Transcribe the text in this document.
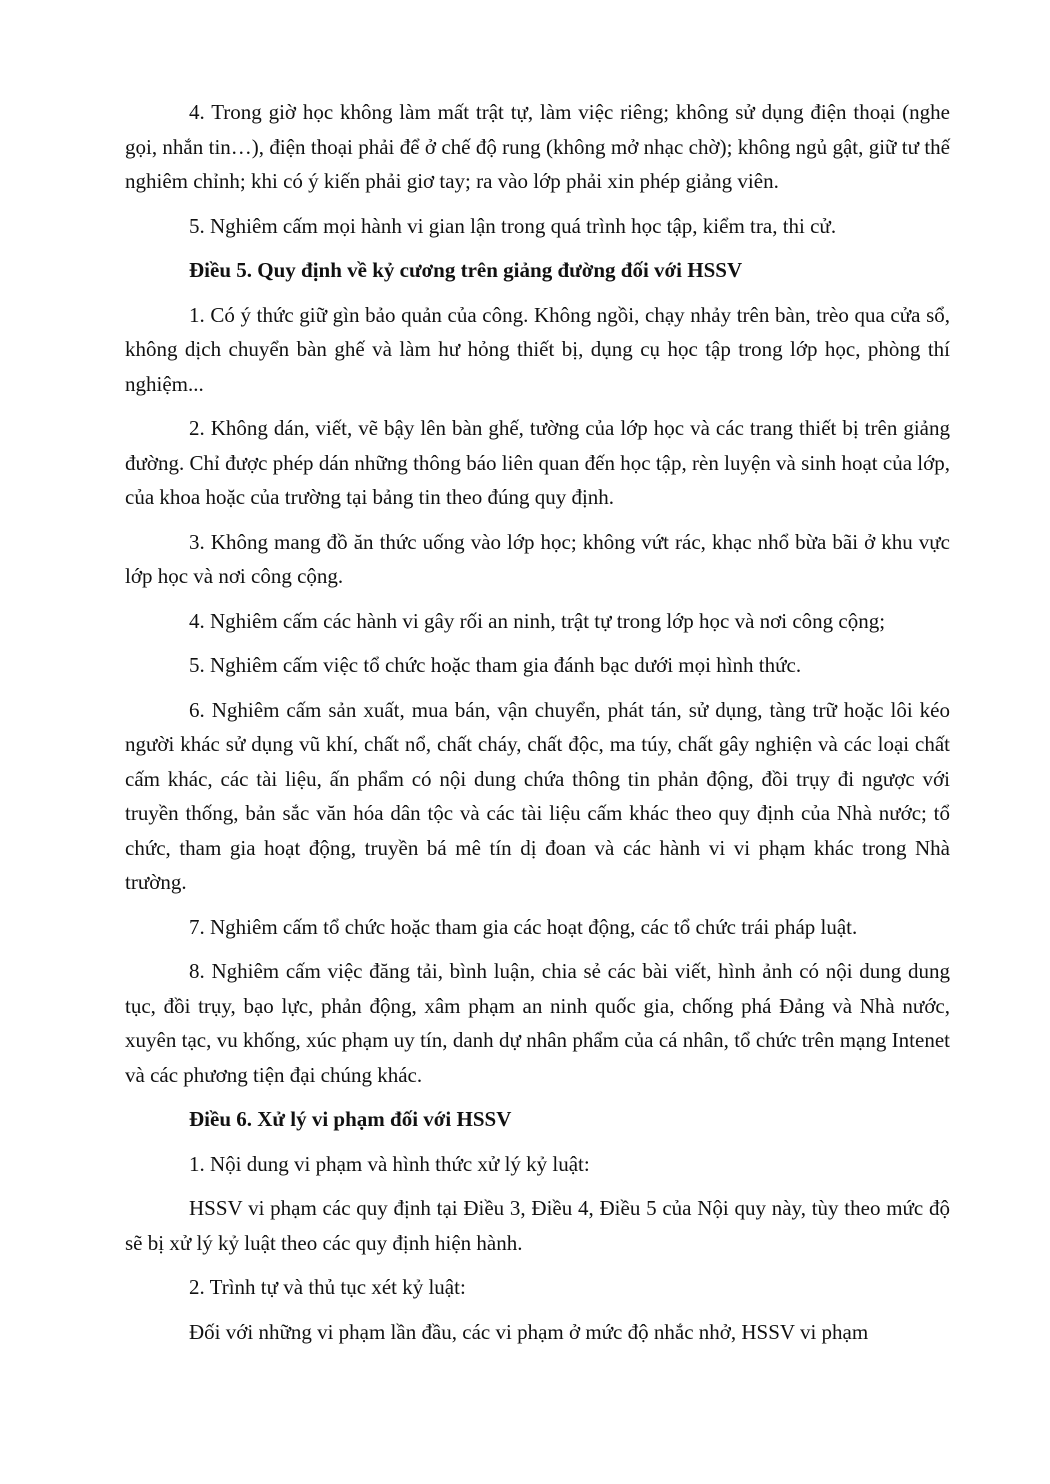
4. Trong giờ học không làm mất trật tự, làm việc riêng; không sử dụng điện thoại (nghe gọi, nhắn tin…), điện thoại phải để ở chế độ rung (không mở nhạc chờ); không ngủ gật, giữ tư thế nghiêm chỉnh; khi có ý kiến phải giơ tay; ra vào lớp phải xin phép giảng viên.

5. Nghiêm cấm mọi hành vi gian lận trong quá trình học tập, kiểm tra, thi cử.

Điều 5. Quy định về kỷ cương trên giảng đường đối với HSSV

1. Có ý thức giữ gìn bảo quản của công. Không ngồi, chạy nhảy trên bàn, trèo qua cửa sổ, không dịch chuyển bàn ghế và làm hư hỏng thiết bị, dụng cụ học tập trong lớp học, phòng thí nghiệm...

2. Không dán, viết, vẽ bậy lên bàn ghế, tường của lớp học và các trang thiết bị trên giảng đường. Chỉ được phép dán những thông báo liên quan đến học tập, rèn luyện và sinh hoạt của lớp, của khoa hoặc của trường tại bảng tin theo đúng quy định.

3. Không mang đồ ăn thức uống vào lớp học; không vứt rác, khạc nhổ bừa bãi ở khu vực lớp học và nơi công cộng.

4. Nghiêm cấm các hành vi gây rối an ninh, trật tự trong lớp học và nơi công cộng;

5. Nghiêm cấm việc tổ chức hoặc tham gia đánh bạc dưới mọi hình thức.

6. Nghiêm cấm sản xuất, mua bán, vận chuyển, phát tán, sử dụng, tàng trữ hoặc lôi kéo người khác sử dụng vũ khí, chất nổ, chất cháy, chất độc, ma túy, chất gây nghiện và các loại chất cấm khác, các tài liệu, ấn phẩm có nội dung chứa thông tin phản động, đồi trụy đi ngược với truyền thống, bản sắc văn hóa dân tộc và các tài liệu cấm khác theo quy định của Nhà nước; tổ chức, tham gia hoạt động, truyền bá mê tín dị đoan và các hành vi vi phạm khác trong Nhà trường.

7. Nghiêm cấm tổ chức hoặc tham gia các hoạt động, các tổ chức trái pháp luật.

8. Nghiêm cấm việc đăng tải, bình luận, chia sẻ các bài viết, hình ảnh có nội dung dung tục, đồi trụy, bạo lực, phản động, xâm phạm an ninh quốc gia, chống phá Đảng và Nhà nước, xuyên tạc, vu khống, xúc phạm uy tín, danh dự nhân phẩm của cá nhân, tổ chức trên mạng Intenet và các phương tiện đại chúng khác.

Điều 6. Xử lý vi phạm đối với HSSV

1. Nội dung vi phạm và hình thức xử lý kỷ luật:

HSSV vi phạm các quy định tại Điều 3, Điều 4, Điều 5 của Nội quy này, tùy theo mức độ sẽ bị xử lý kỷ luật theo các quy định hiện hành.

2. Trình tự và thủ tục xét kỷ luật:

Đối với những vi phạm lần đầu, các vi phạm ở mức độ nhắc nhở, HSSV vi phạm
